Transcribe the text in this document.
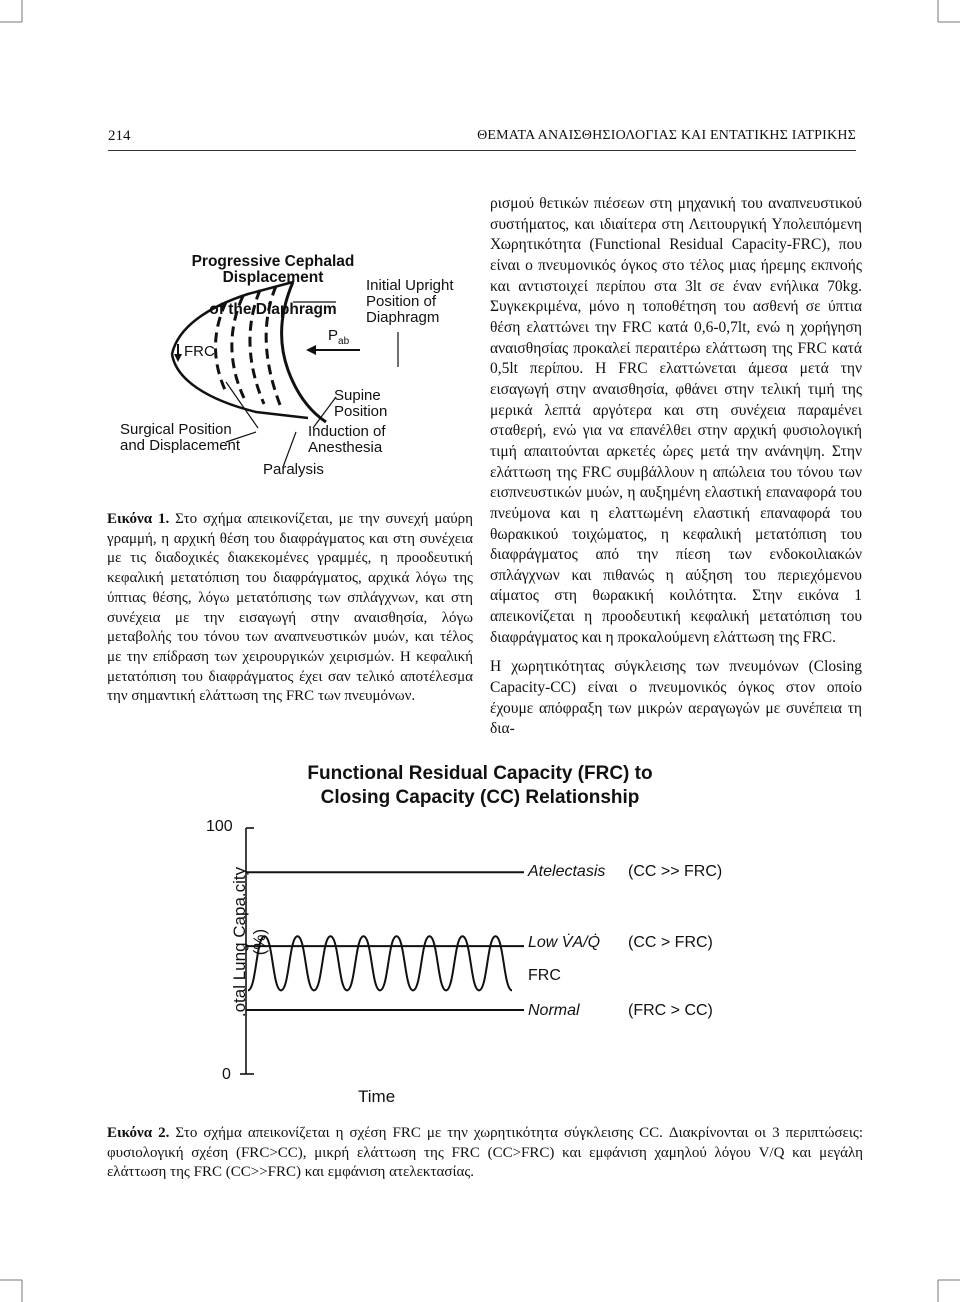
214	ΘΕΜΑΤΑ ΑΝΑΙΣΘΗΣΙΟΛΟΓΙΑΣ ΚΑΙ ΕΝΤΑΤΙΚΗΣ ΙΑΤΡΙΚΗΣ

Progressive Cephalad Displacement

of the Diaphragm

Initial Upright
Position of
Diaphragm
$P_{ab}$
FRC
Supine
Position
Surgical Position
and Displacement
Induction of
Anesthesia
Paralysis
Εικόνα 1. Στο σχήμα απεικονίζεται, με την συνεχή μαύρη γραμμή, η αρχική θέση του διαφράγματος και στη συνέχεια με τις διαδοχικές διακεκομένες γραμμές, η προοδευτική κεφαλική μετατόπιση του διαφράγματος, αρχικά λόγω της ύπτιας θέσης, λόγω μετατόπισης των σπλάγχνων, και στη συνέχεια με την εισαγωγή στην αναισθησία, λόγω μεταβολής του τόνου των αναπνευστικών μυών, και τέλος με την επίδραση των χειρουργικών χειρισμών. Η κεφαλική μετατόπιση του διαφράγματος έχει σαν τελικό αποτέλεσμα την σημαντική ελάττωση της FRC των πνευμόνων.

ρισμού θετικών πιέσεων στη μηχανική του αναπνευστικού συστήματος, και ιδιαίτερα στη Λειτουργική Υπολειπόμενη Χωρητικότητα (Functional Residual Capacity-FRC), που είναι ο πνευμονικός όγκος στο τέλος μιας ήρεμης εκπνοής και αντιστοιχεί περίπου στα 3lt σε έναν ενήλικα 70kg. Συγκεκριμένα, μόνο η τοποθέτηση του ασθενή σε ύπτια θέση ελαττώνει την FRC κατά 0,6-0,7lt, ενώ η χορήγηση αναισθησίας προκαλεί περαιτέρω ελάττωση της FRC κατά 0,5lt περίπου. Η FRC ελαττώνεται άμεσα μετά την εισαγωγή στην αναισθησία, φθάνει στην τελική τιμή της μερικά λεπτά αργότερα και στη συνέχεια παραμένει σταθερή, ενώ για να επανέλθει στην αρχική φυσιολογική τιμή απαιτούνται αρκετές ώρες μετά την ανάνηψη. Στην ελάττωση της FRC συμβάλλουν η απώλεια του τόνου των εισπνευστικών μυών, η αυξημένη ελαστική επαναφορά του πνεύμονα και η ελαττωμένη ελαστική επαναφορά του θωρακικού τοιχώματος, η κεφαλική μετατόπιση του διαφράγματος από την πίεση των ενδοκοιλιακών σπλάγχνων και πιθανώς η αύξηση του περιεχόμενου αίματος στη θωρακική κοιλότητα. Στην εικόνα 1 απεικονίζεται η προοδευτική κεφαλική μετατόπιση του διαφράγματος και η προκαλούμενη ελάττωση της FRC.

Η χωρητικότητας σύγκλεισης των πνευμόνων (Closing Capacity-CC) είναι ο πνευμονικός όγκος στον οποίο έχουμε απόφραξη των μικρών αεραγωγών με συνέπεια τη δια-

Functional Residual Capacity (FRC) to
Closing Capacity (CC) Relationship
100
0
.otal Lung Capa.city (%)
Time
Atelectasis (CC >> FRC)
Low V̇A/Q̇ (CC > FRC)
FRC
Normal	(FRC > CC)
Εικόνα 2. Στο σχήμα απεικονίζεται η σχέση FRC με την χωρητικότητα σύγκλεισης CC. Διακρίνονται οι 3 περιπτώσεις: φυσιολογική σχέση (FRC>CC), μικρή ελάττωση της FRC (CC>FRC) και εμφάνιση χαμηλού λόγου V/Q και μεγάλη ελάττωση της FRC (CC>>FRC) και εμφάνιση ατελεκτασίας.
